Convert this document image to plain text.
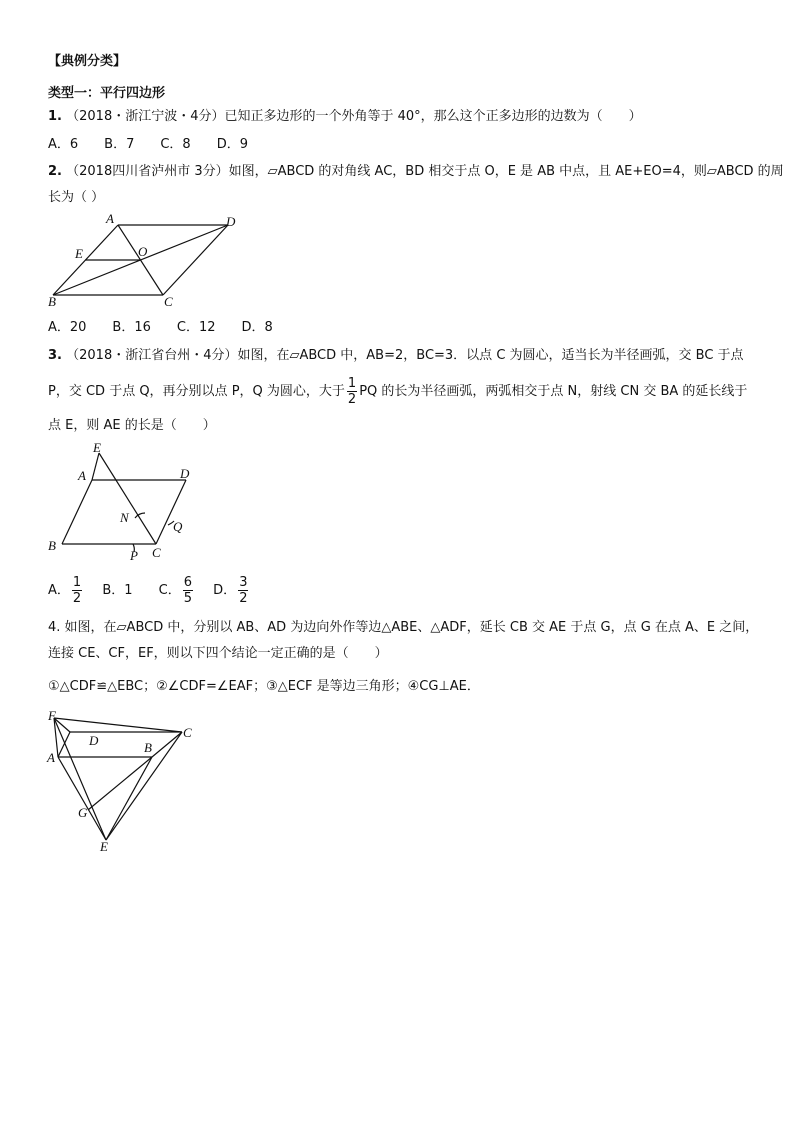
【典例分类】
类型一：平行四边形
1. （2018・浙江宁波・4分）已知正多边形的一个外角等于 40°，那么这个正多边形的边数为（　　）
A．6　　B．7　　C．8　　D．9
2. （2018四川省泸州市 3分）如图，▱ABCD 的对角线 AC，BD 相交于点 O，E 是 AB 中点，且 AE+EO=4，则▱ABCD 的周
长为（ ）
A	D
E	O
B	C
A．20　　B．16　　C．12　　D．8
3. （2018・浙江省台州・4分）如图，在▱ABCD 中，AB=2，BC=3．以点 C 为圆心，适当长为半径画弧，交 BC 于点
P，交 CD 于点 Q，再分别以点 P，Q 为圆心，大于 $\frac{1}{2}$ PQ 的长为半径画弧，两弧相交于点 N，射线 CN 交 BA 的延长线于
点 E，则 AE 的长是（　　）
E
A	D
N
Q
B
P C
A． $\frac{1}{2}$ B．1 C． $\frac{6}{5}$ D． $\frac{3}{2}$
4. 如图，在▱ABCD 中，分别以 AB、AD 为边向外作等边△ABE、△ADF，延长 CB 交 AE 于点 G，点 G 在点 A、E 之间，
连接 CE、CF，EF，则以下四个结论一定正确的是（　　）
①△CDF≌△EBC；②∠CDF=∠EAF；③△ECF 是等边三角形；④CG⊥AE．
F
D
C
B
A
G
E
